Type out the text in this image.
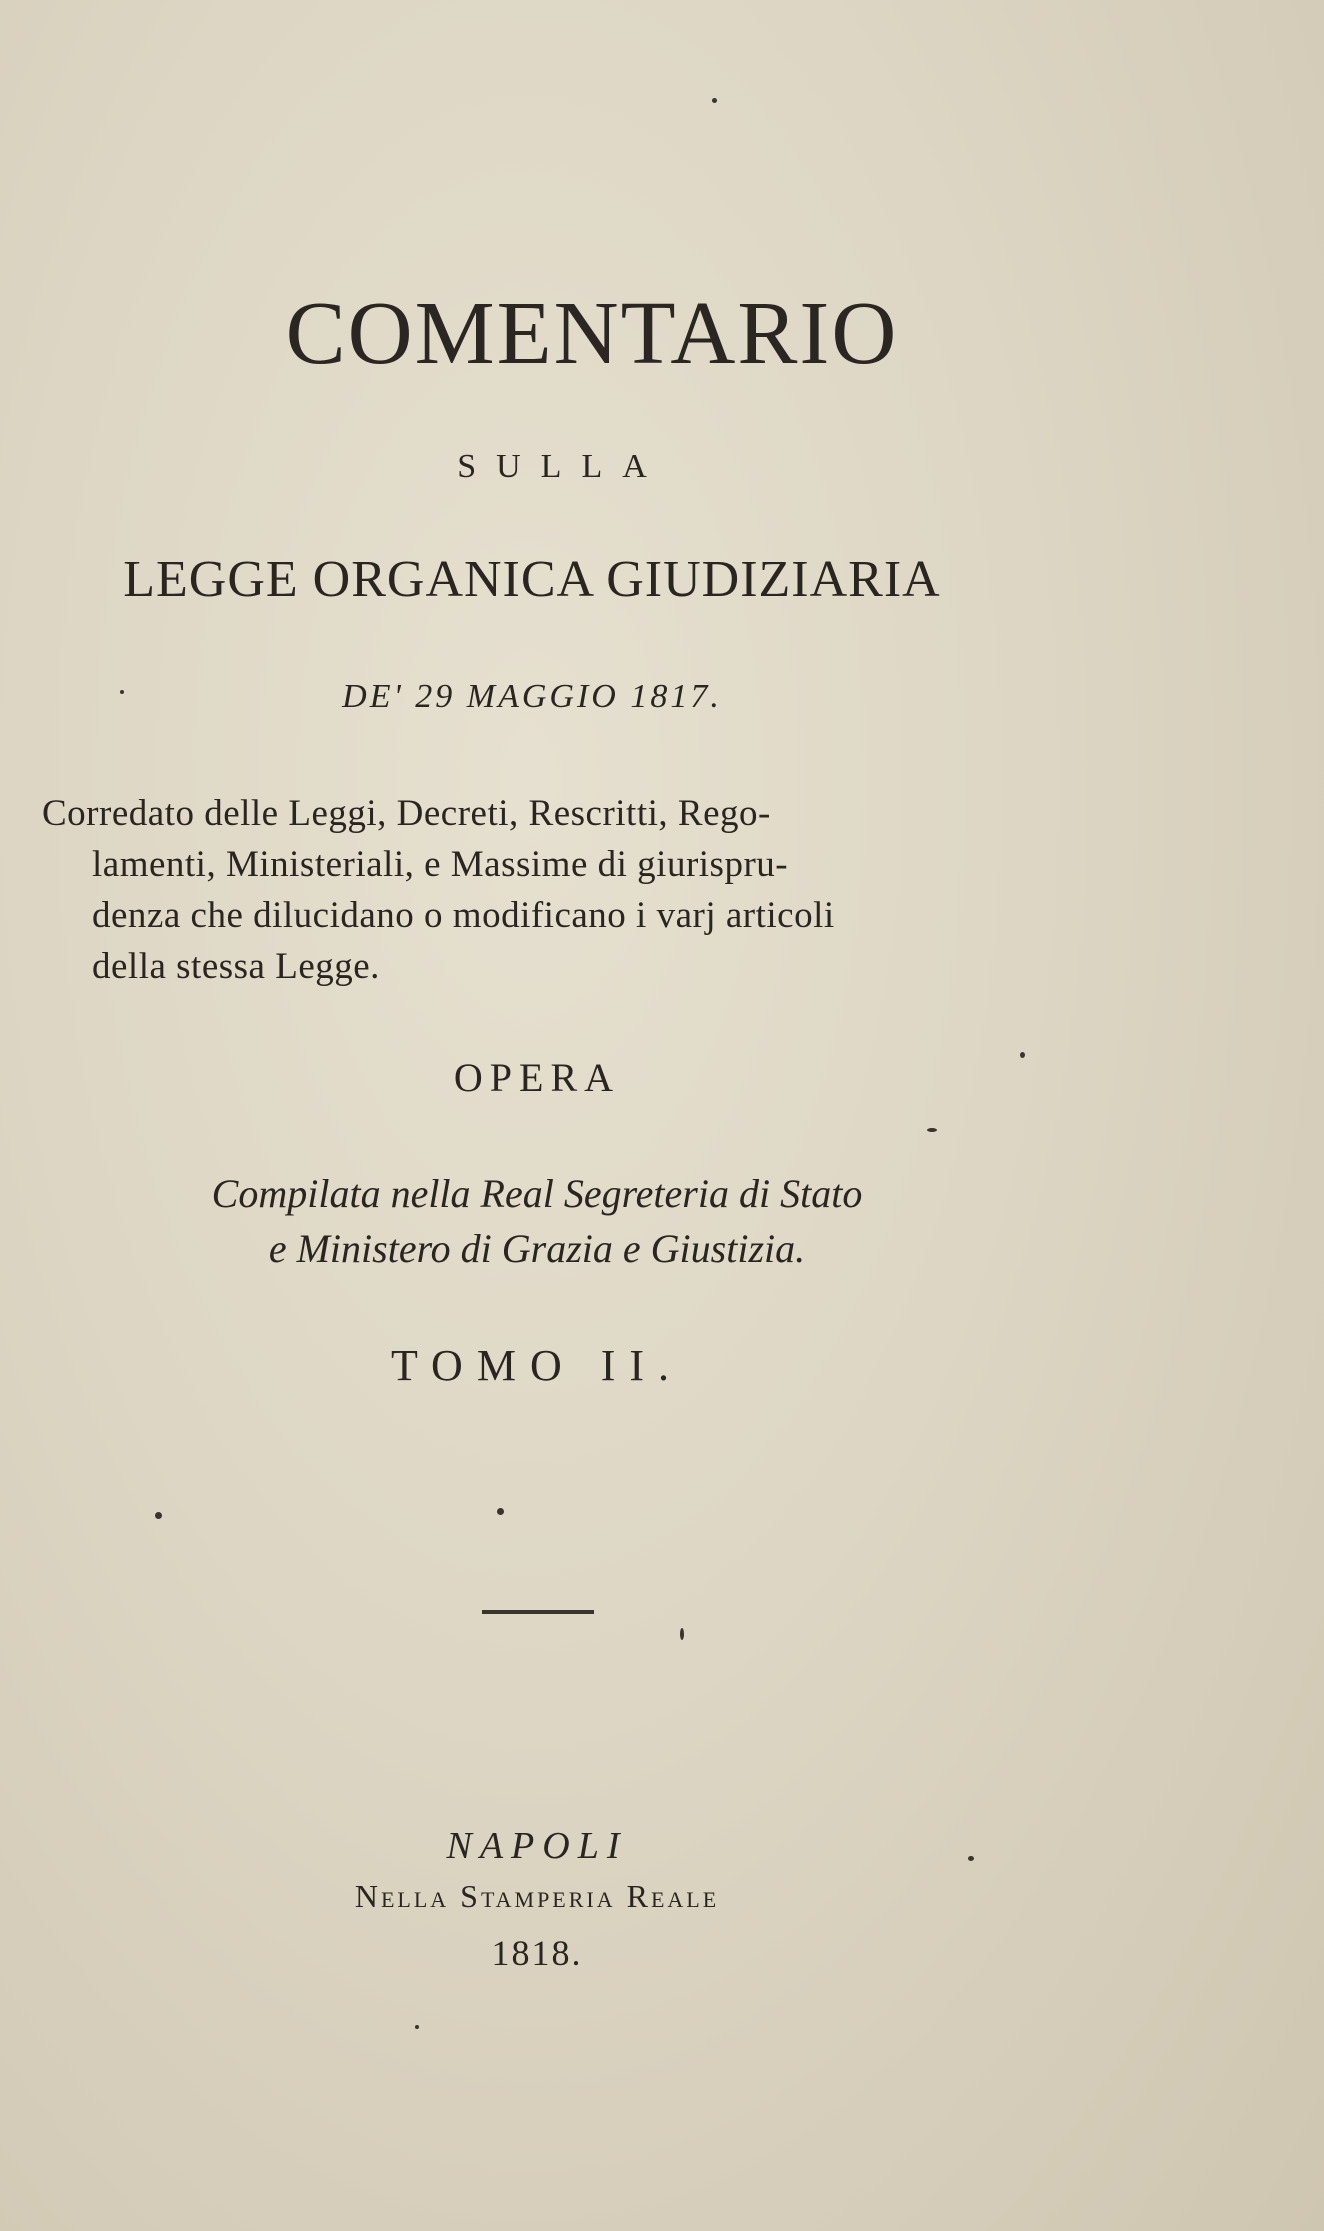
COMENTARIO
SULLA
LEGGE ORGANICA GIUDIZIARIA
DE' 29 MAGGIO 1817.
Corredato delle Leggi, Decreti, Rescritti, Rego-
lamenti, Ministeriali, e Massime di giurispru-
denza che dilucidano o modificano i varj articoli
della stessa Legge.
OPERA
Compilata nella Real Segreteria di Stato
e Ministero di Grazia e Giustizia.
TOMO II.
NAPOLI
Nella Stamperia Reale
1818.
